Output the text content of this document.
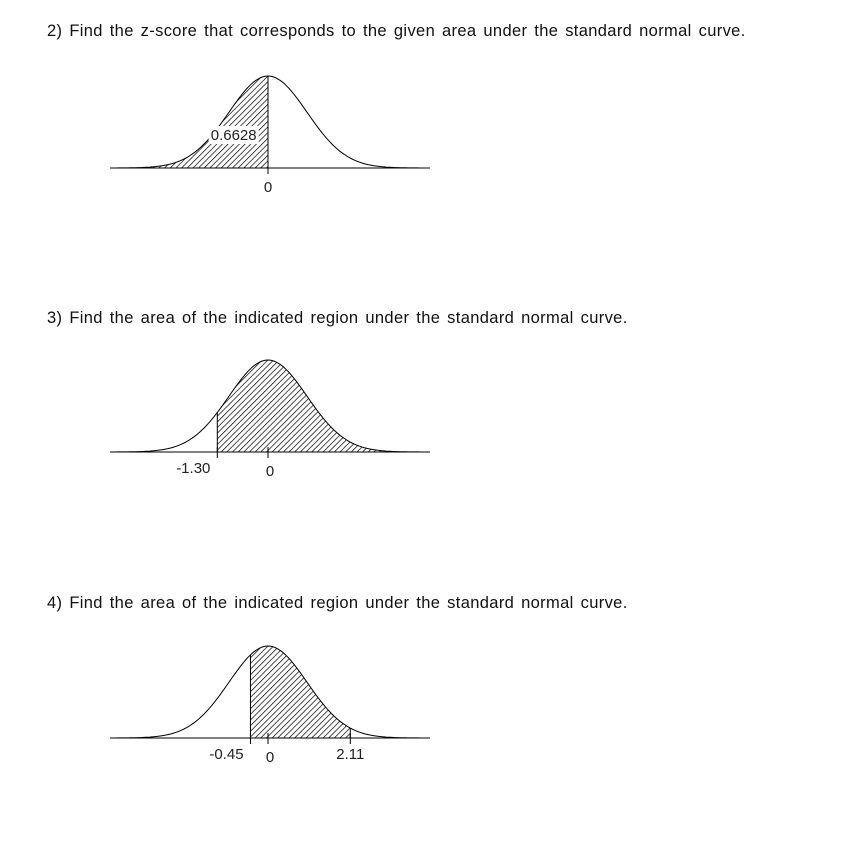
2) Find the z-score that corresponds to the given area under the standard normal curve.
0
0.6628
3) Find the area of the indicated region under the standard normal curve.
-1.30	0
4) Find the area of the indicated region under the standard normal curve.
-0.45 0	2.11
